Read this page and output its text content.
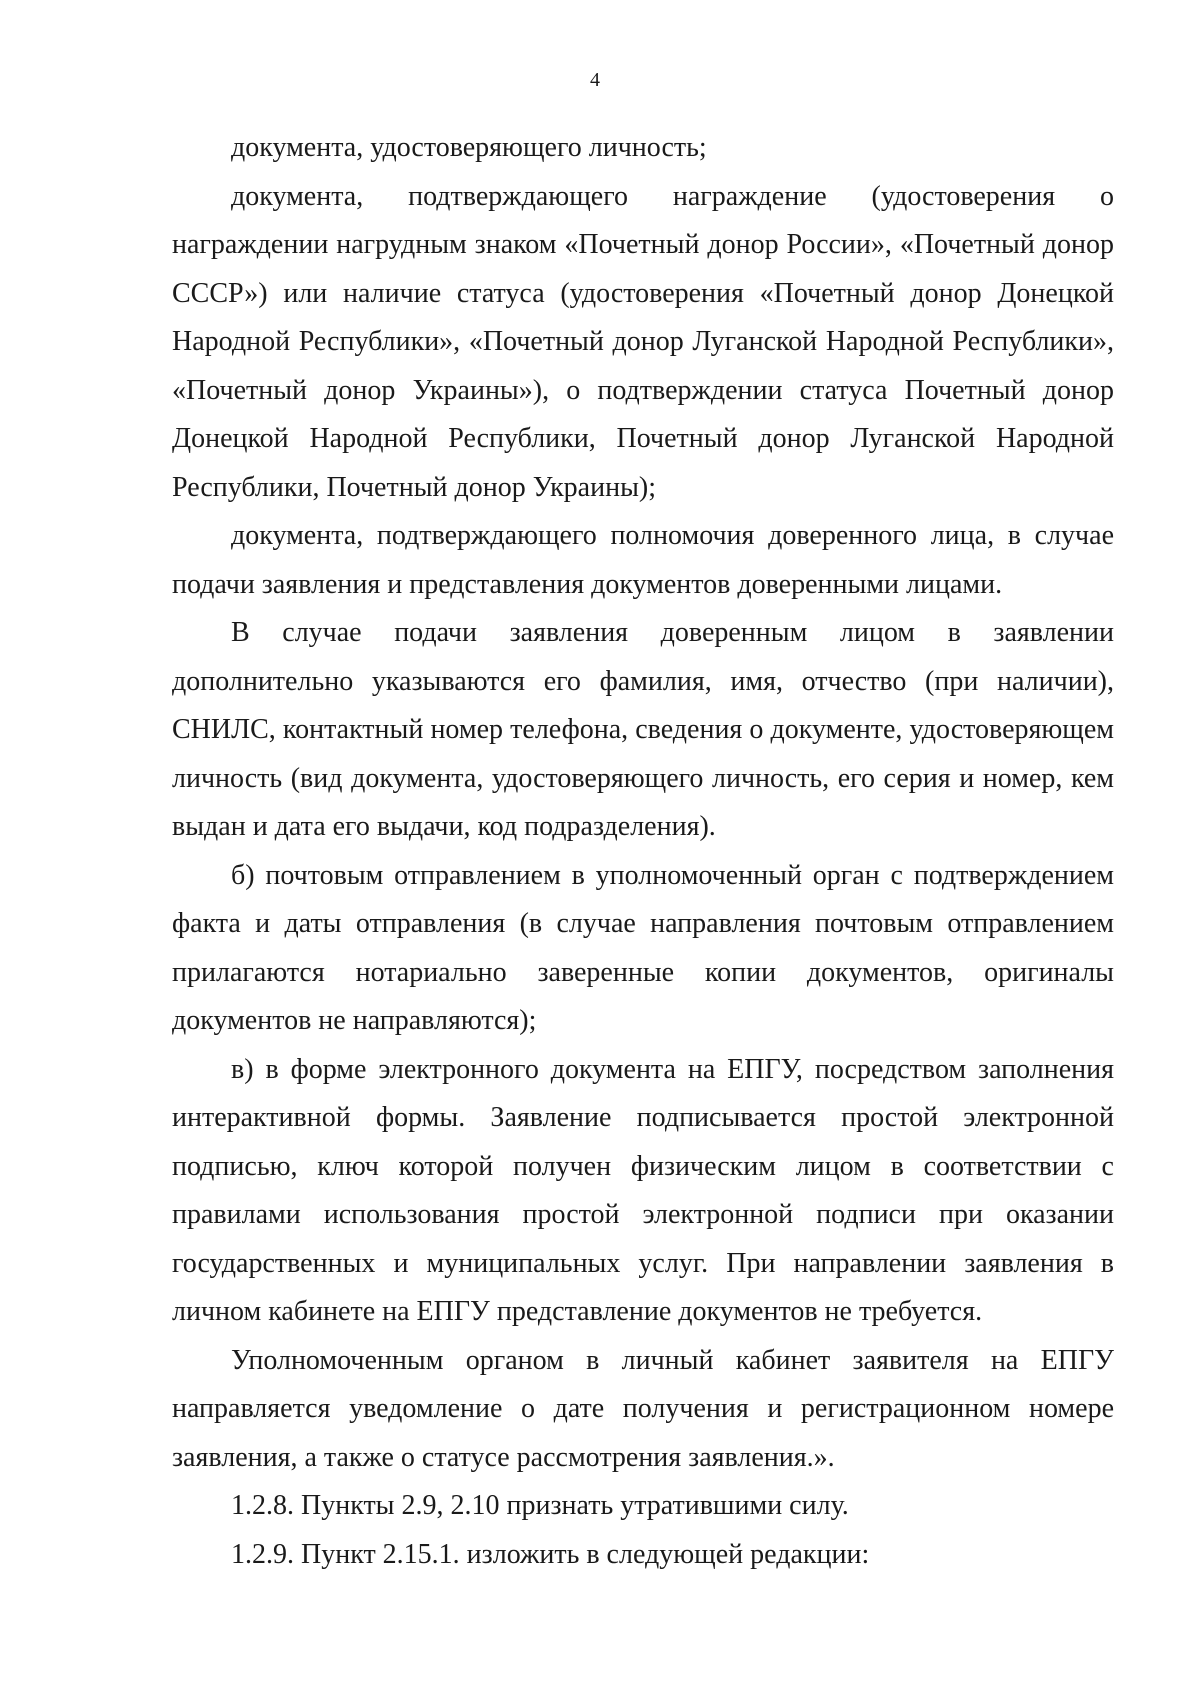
4

документа, удостоверяющего личность;

документа, подтверждающего награждение (удостоверения о награждении нагрудным знаком «Почетный донор России», «Почетный донор СССР») или наличие статуса (удостоверения «Почетный донор Донецкой Народной Республики», «Почетный донор Луганской Народной Республики», «Почетный донор Украины»), о подтверждении статуса Почетный донор Донецкой Народной Республики, Почетный донор Луганской Народной Республики, Почетный донор Украины);

документа, подтверждающего полномочия доверенного лица, в случае подачи заявления и представления документов доверенными лицами.

В случае подачи заявления доверенным лицом в заявлении дополнительно указываются его фамилия, имя, отчество (при наличии), СНИЛС, контактный номер телефона, сведения о документе, удостоверяющем личность (вид документа, удостоверяющего личность, его серия и номер, кем выдан и дата его выдачи, код подразделения).

б) почтовым отправлением в уполномоченный орган с подтверждением факта и даты отправления (в случае направления почтовым отправлением прилагаются нотариально заверенные копии документов, оригиналы документов не направляются);

в) в форме электронного документа на ЕПГУ, посредством заполнения интерактивной формы. Заявление подписывается простой электронной подписью, ключ которой получен физическим лицом в соответствии с правилами использования простой электронной подписи при оказании государственных и муниципальных услуг. При направлении заявления в личном кабинете на ЕПГУ представление документов не требуется.

Уполномоченным органом в личный кабинет заявителя на ЕПГУ направляется уведомление о дате получения и регистрационном номере заявления, а также о статусе рассмотрения заявления.».

1.2.8. Пункты 2.9, 2.10 признать утратившими силу.

1.2.9. Пункт 2.15.1. изложить в следующей редакции:
